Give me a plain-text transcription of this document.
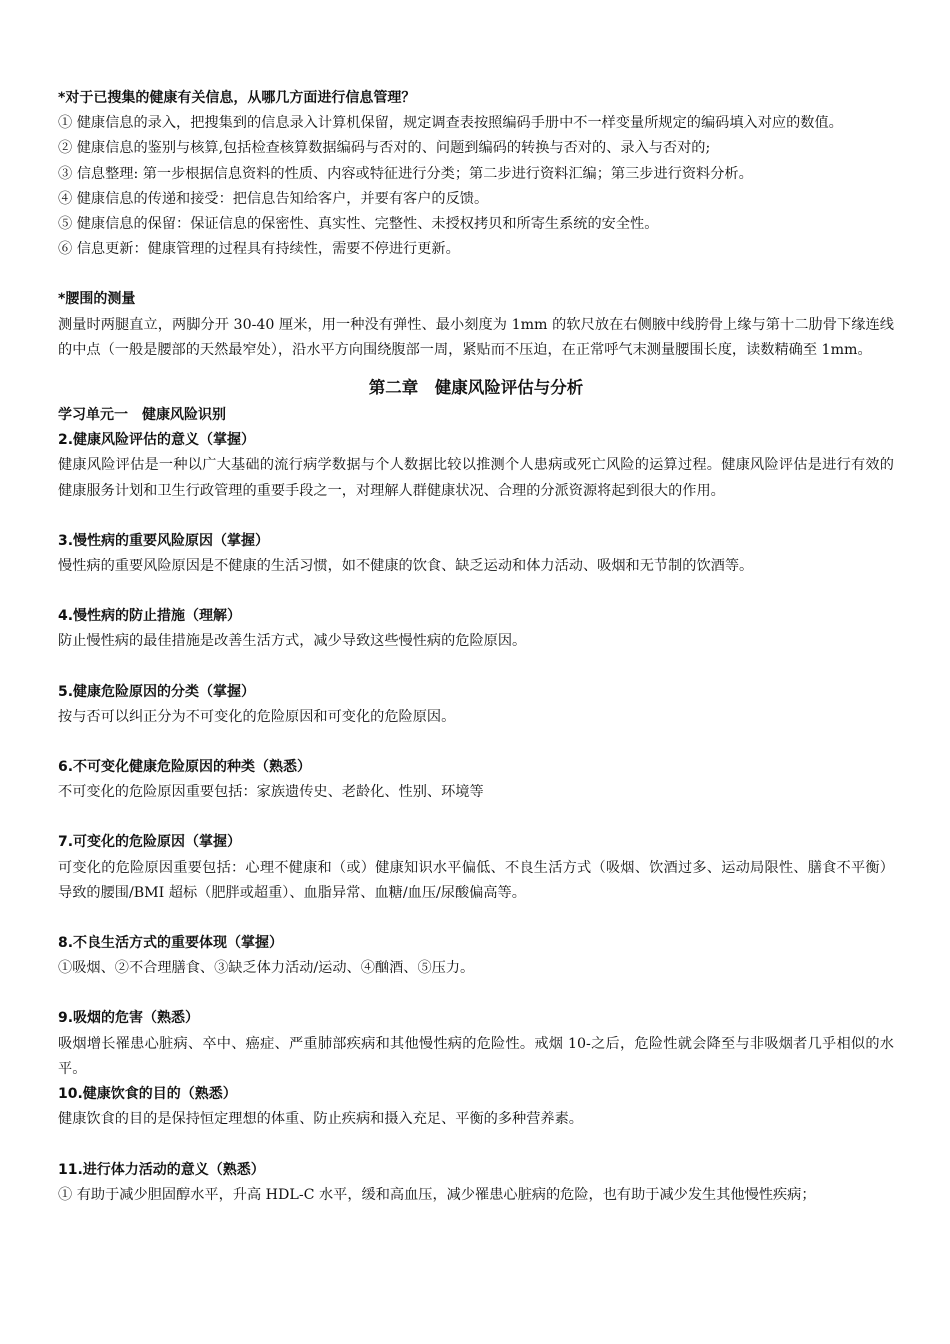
*对于已搜集的健康有关信息，从哪几方面进行信息管理？
① 健康信息的录入，把搜集到的信息录入计算机保留，规定调查表按照编码手册中不一样变量所规定的编码填入对应的数值。
② 健康信息的鉴别与核算,包括检查核算数据编码与否对的、问题到编码的转换与否对的、录入与否对的;
③ 信息整理: 第一步根据信息资料的性质、内容或特征进行分类；第二步进行资料汇编；第三步进行资料分析。
④ 健康信息的传递和接受：把信息告知给客户，并要有客户的反馈。
⑤ 健康信息的保留：保证信息的保密性、真实性、完整性、未授权拷贝和所寄生系统的安全性。
⑥ 信息更新：健康管理的过程具有持续性，需要不停进行更新。
*腰围的测量
测量时两腿直立，两脚分开 30-40 厘米，用一种没有弹性、最小刻度为 1mm 的软尺放在右侧腋中线胯骨上缘与第十二肋骨下缘连线的中点（一般是腰部的天然最窄处），沿水平方向围绕腹部一周，紧贴而不压迫，在正常呼气末测量腰围长度，读数精确至 1mm。
第二章　健康风险评估与分析
学习单元一　健康风险识别
2.健康风险评估的意义（掌握）
健康风险评估是一种以广大基础的流行病学数据与个人数据比较以推测个人患病或死亡风险的运算过程。健康风险评估是进行有效的健康服务计划和卫生行政管理的重要手段之一，对理解人群健康状况、合理的分派资源将起到很大的作用。
3.慢性病的重要风险原因（掌握）
慢性病的重要风险原因是不健康的生活习惯，如不健康的饮食、缺乏运动和体力活动、吸烟和无节制的饮酒等。
4.慢性病的防止措施（理解）
防止慢性病的最佳措施是改善生活方式，减少导致这些慢性病的危险原因。
5.健康危险原因的分类（掌握）
按与否可以纠正分为不可变化的危险原因和可变化的危险原因。
6.不可变化健康危险原因的种类（熟悉）
不可变化的危险原因重要包括：家族遗传史、老龄化、性别、环境等
7.可变化的危险原因（掌握）
可变化的危险原因重要包括：心理不健康和（或）健康知识水平偏低、不良生活方式（吸烟、饮酒过多、运动局限性、膳食不平衡）导致的腰围/BMI 超标（肥胖或超重）、血脂异常、血糖/血压/尿酸偏高等。
8.不良生活方式的重要体现（掌握）
①吸烟、②不合理膳食、③缺乏体力活动/运动、④酗酒、⑤压力。
9.吸烟的危害（熟悉）
吸烟增长罹患心脏病、卒中、癌症、严重肺部疾病和其他慢性病的危险性。戒烟 10-之后，危险性就会降至与非吸烟者几乎相似的水平。
10.健康饮食的目的（熟悉）
健康饮食的目的是保持恒定理想的体重、防止疾病和摄入充足、平衡的多种营养素。
11.进行体力活动的意义（熟悉）
① 有助于减少胆固醇水平，升高 HDL-C 水平，缓和高血压，减少罹患心脏病的危险，也有助于减少发生其他慢性疾病；
